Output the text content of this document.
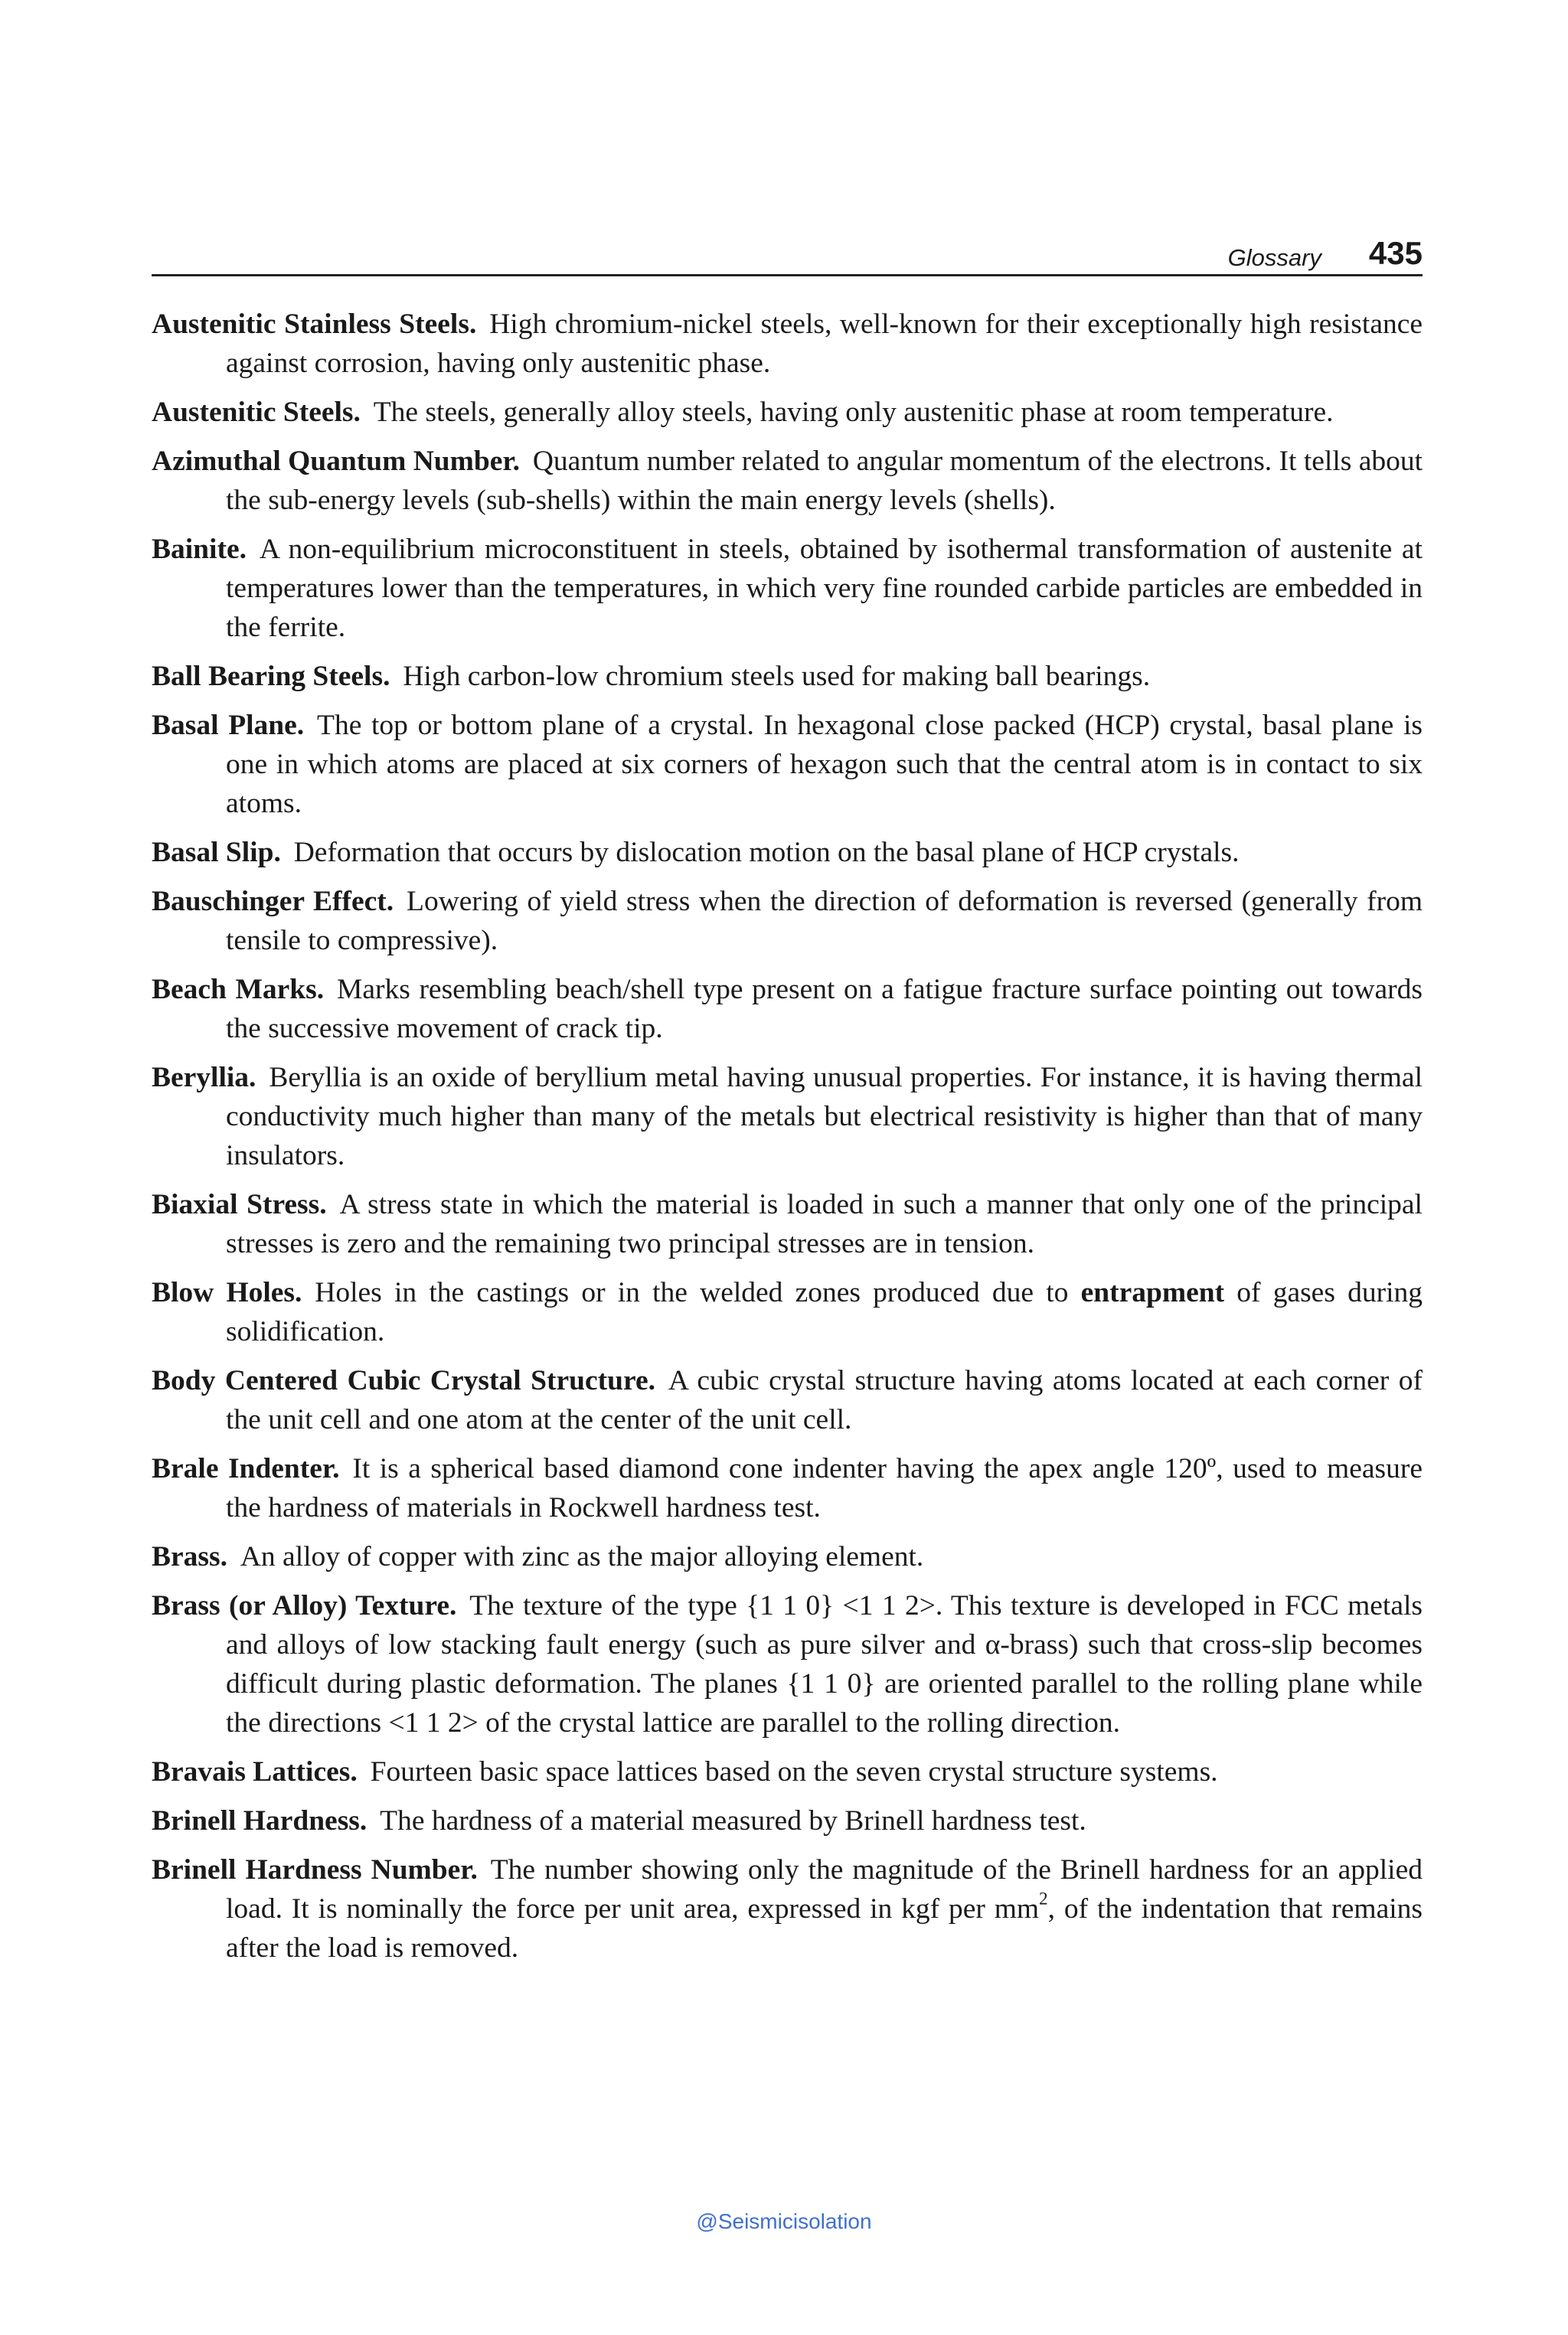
Glossary 435

Austenitic Stainless Steels. High chromium-nickel steels, well-known for their exceptionally high resistance against corrosion, having only austenitic phase.

Austenitic Steels. The steels, generally alloy steels, having only austenitic phase at room temperature.

Azimuthal Quantum Number. Quantum number related to angular momentum of the electrons. It tells about the sub-energy levels (sub-shells) within the main energy levels (shells).

Bainite. A non-equilibrium microconstituent in steels, obtained by isothermal transformation of austenite at temperatures lower than the temperatures, in which very fine rounded carbide particles are embedded in the ferrite.

Ball Bearing Steels. High carbon-low chromium steels used for making ball bearings.

Basal Plane. The top or bottom plane of a crystal. In hexagonal close packed (HCP) crystal, basal plane is one in which atoms are placed at six corners of hexagon such that the central atom is in contact to six atoms.

Basal Slip. Deformation that occurs by dislocation motion on the basal plane of HCP crystals.

Bauschinger Effect. Lowering of yield stress when the direction of deformation is reversed (generally from tensile to compressive).

Beach Marks. Marks resembling beach/shell type present on a fatigue fracture surface pointing out towards the successive movement of crack tip.

Beryllia. Beryllia is an oxide of beryllium metal having unusual properties. For instance, it is having thermal conductivity much higher than many of the metals but electrical resistivity is higher than that of many insulators.

Biaxial Stress. A stress state in which the material is loaded in such a manner that only one of the principal stresses is zero and the remaining two principal stresses are in tension.

Blow Holes. Holes in the castings or in the welded zones produced due to entrapment of gases during solidification.

Body Centered Cubic Crystal Structure. A cubic crystal structure having atoms located at each corner of the unit cell and one atom at the center of the unit cell.

Brale Indenter. It is a spherical based diamond cone indenter having the apex angle 120º, used to measure the hardness of materials in Rockwell hardness test.

Brass. An alloy of copper with zinc as the major alloying element.

Brass (or Alloy) Texture. The texture of the type {1 1 0} <1 1 2>. This texture is developed in FCC metals and alloys of low stacking fault energy (such as pure silver and α-brass) such that cross-slip becomes difficult during plastic deformation. The planes {1 1 0} are oriented parallel to the rolling plane while the directions <1 1 2> of the crystal lattice are parallel to the rolling direction.

Bravais Lattices. Fourteen basic space lattices based on the seven crystal structure systems.

Brinell Hardness. The hardness of a material measured by Brinell hardness test.

Brinell Hardness Number. The number showing only the magnitude of the Brinell hardness for an applied load. It is nominally the force per unit area, expressed in kgf per $mm^2$, of the indentation that remains after the load is removed.

@Seismicisolation
